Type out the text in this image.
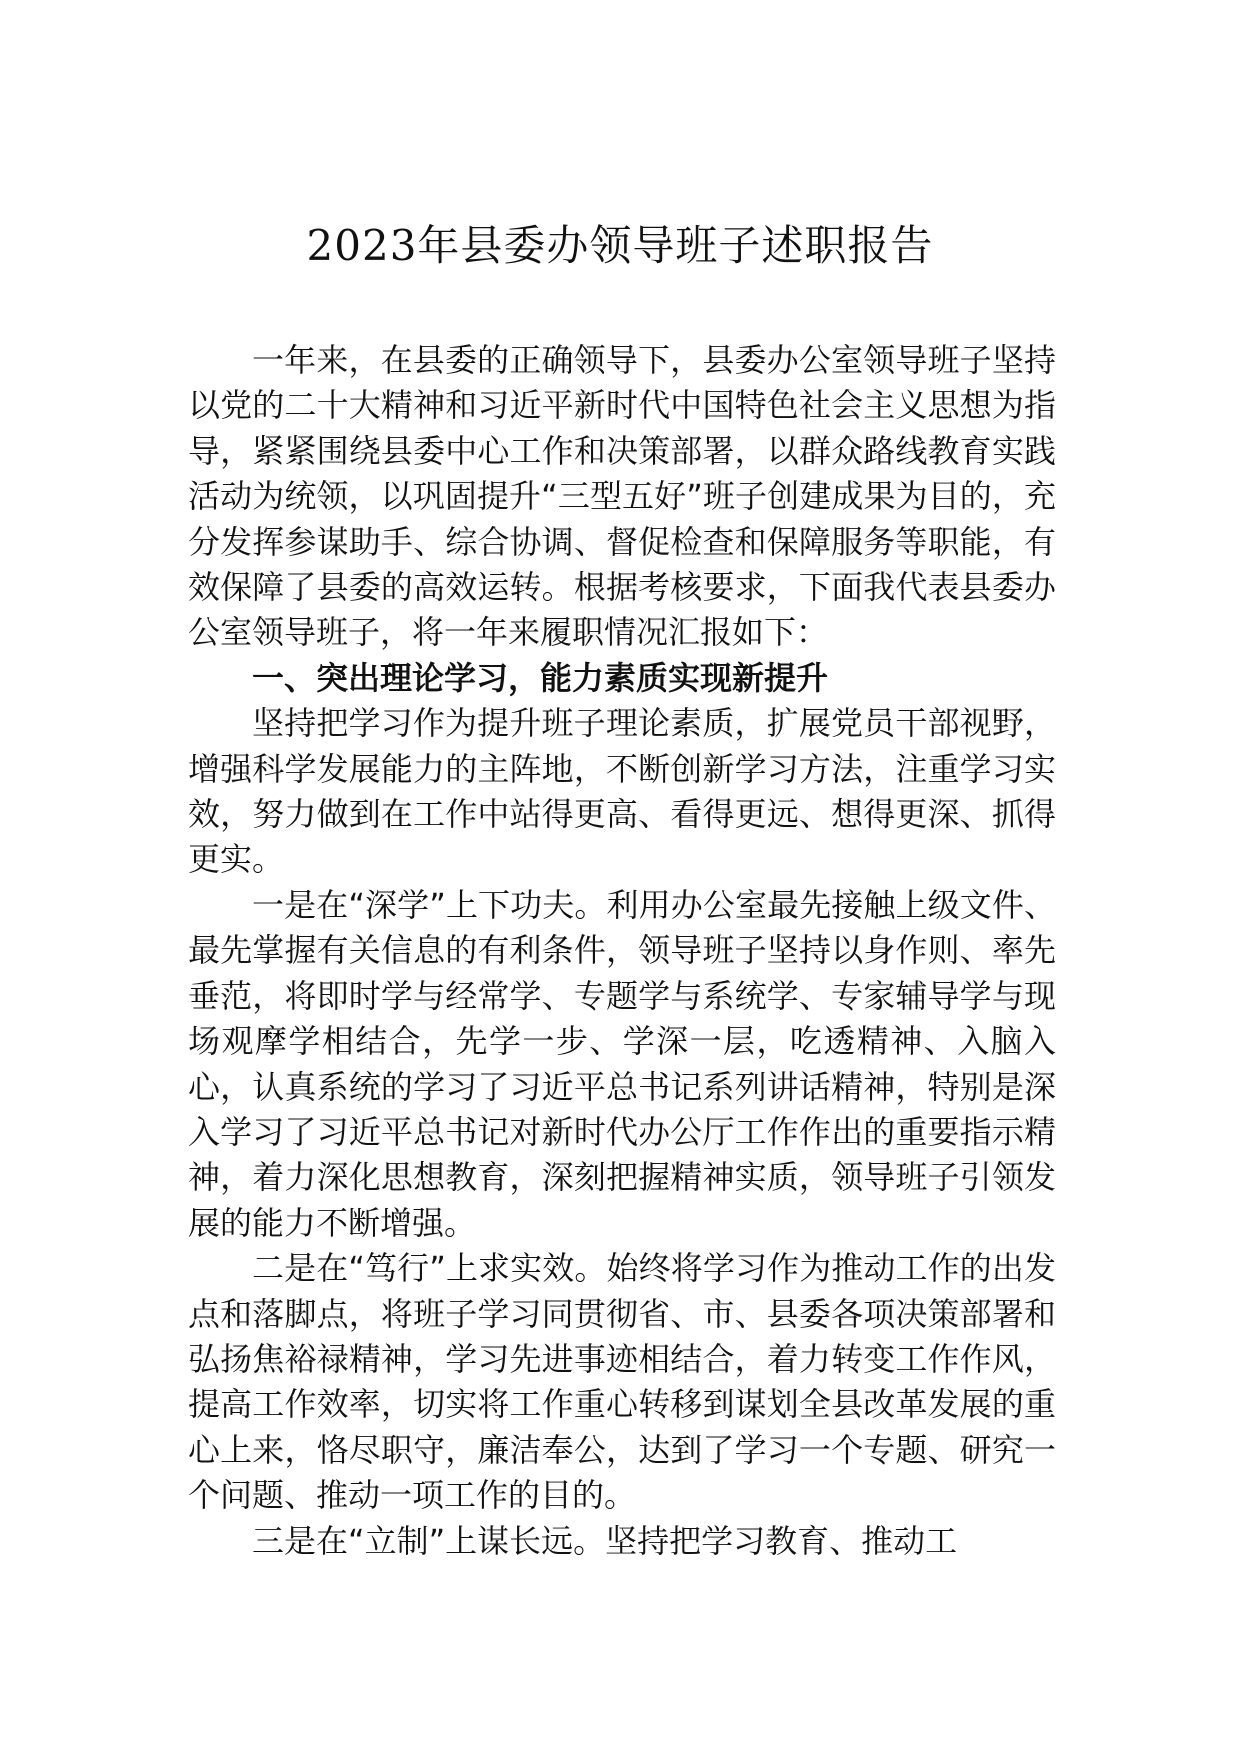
2023年县委办领导班子述职报告

一年来，在县委的正确领导下，县委办公室领导班子坚持以党的二十大精神和习近平新时代中国特色社会主义思想为指导，紧紧围绕县委中心工作和决策部署，以群众路线教育实践活动为统领，以巩固提升“三型五好”班子创建成果为目的，充分发挥参谋助手、综合协调、督促检查和保障服务等职能，有效保障了县委的高效运转。根据考核要求，下面我代表县委办公室领导班子，将一年来履职情况汇报如下：

一、突出理论学习，能力素质实现新提升

坚持把学习作为提升班子理论素质，扩展党员干部视野，增强科学发展能力的主阵地，不断创新学习方法，注重学习实效，努力做到在工作中站得更高、看得更远、想得更深、抓得更实。

一是在“深学”上下功夫。利用办公室最先接触上级文件、最先掌握有关信息的有利条件，领导班子坚持以身作则、率先垂范，将即时学与经常学、专题学与系统学、专家辅导学与现场观摩学相结合，先学一步、学深一层，吃透精神、入脑入心，认真系统的学习了习近平总书记系列讲话精神，特别是深入学习了习近平总书记对新时代办公厅工作作出的重要指示精神，着力深化思想教育，深刻把握精神实质，领导班子引领发展的能力不断增强。

二是在“笃行”上求实效。始终将学习作为推动工作的出发点和落脚点，将班子学习同贯彻省、市、县委各项决策部署和弘扬焦裕禄精神，学习先进事迹相结合，着力转变工作作风，提高工作效率，切实将工作重心转移到谋划全县改革发展的重心上来，恪尽职守，廉洁奉公，达到了学习一个专题、研究一个问题、推动一项工作的目的。

三是在“立制”上谋长远。坚持把学习教育、推动工
